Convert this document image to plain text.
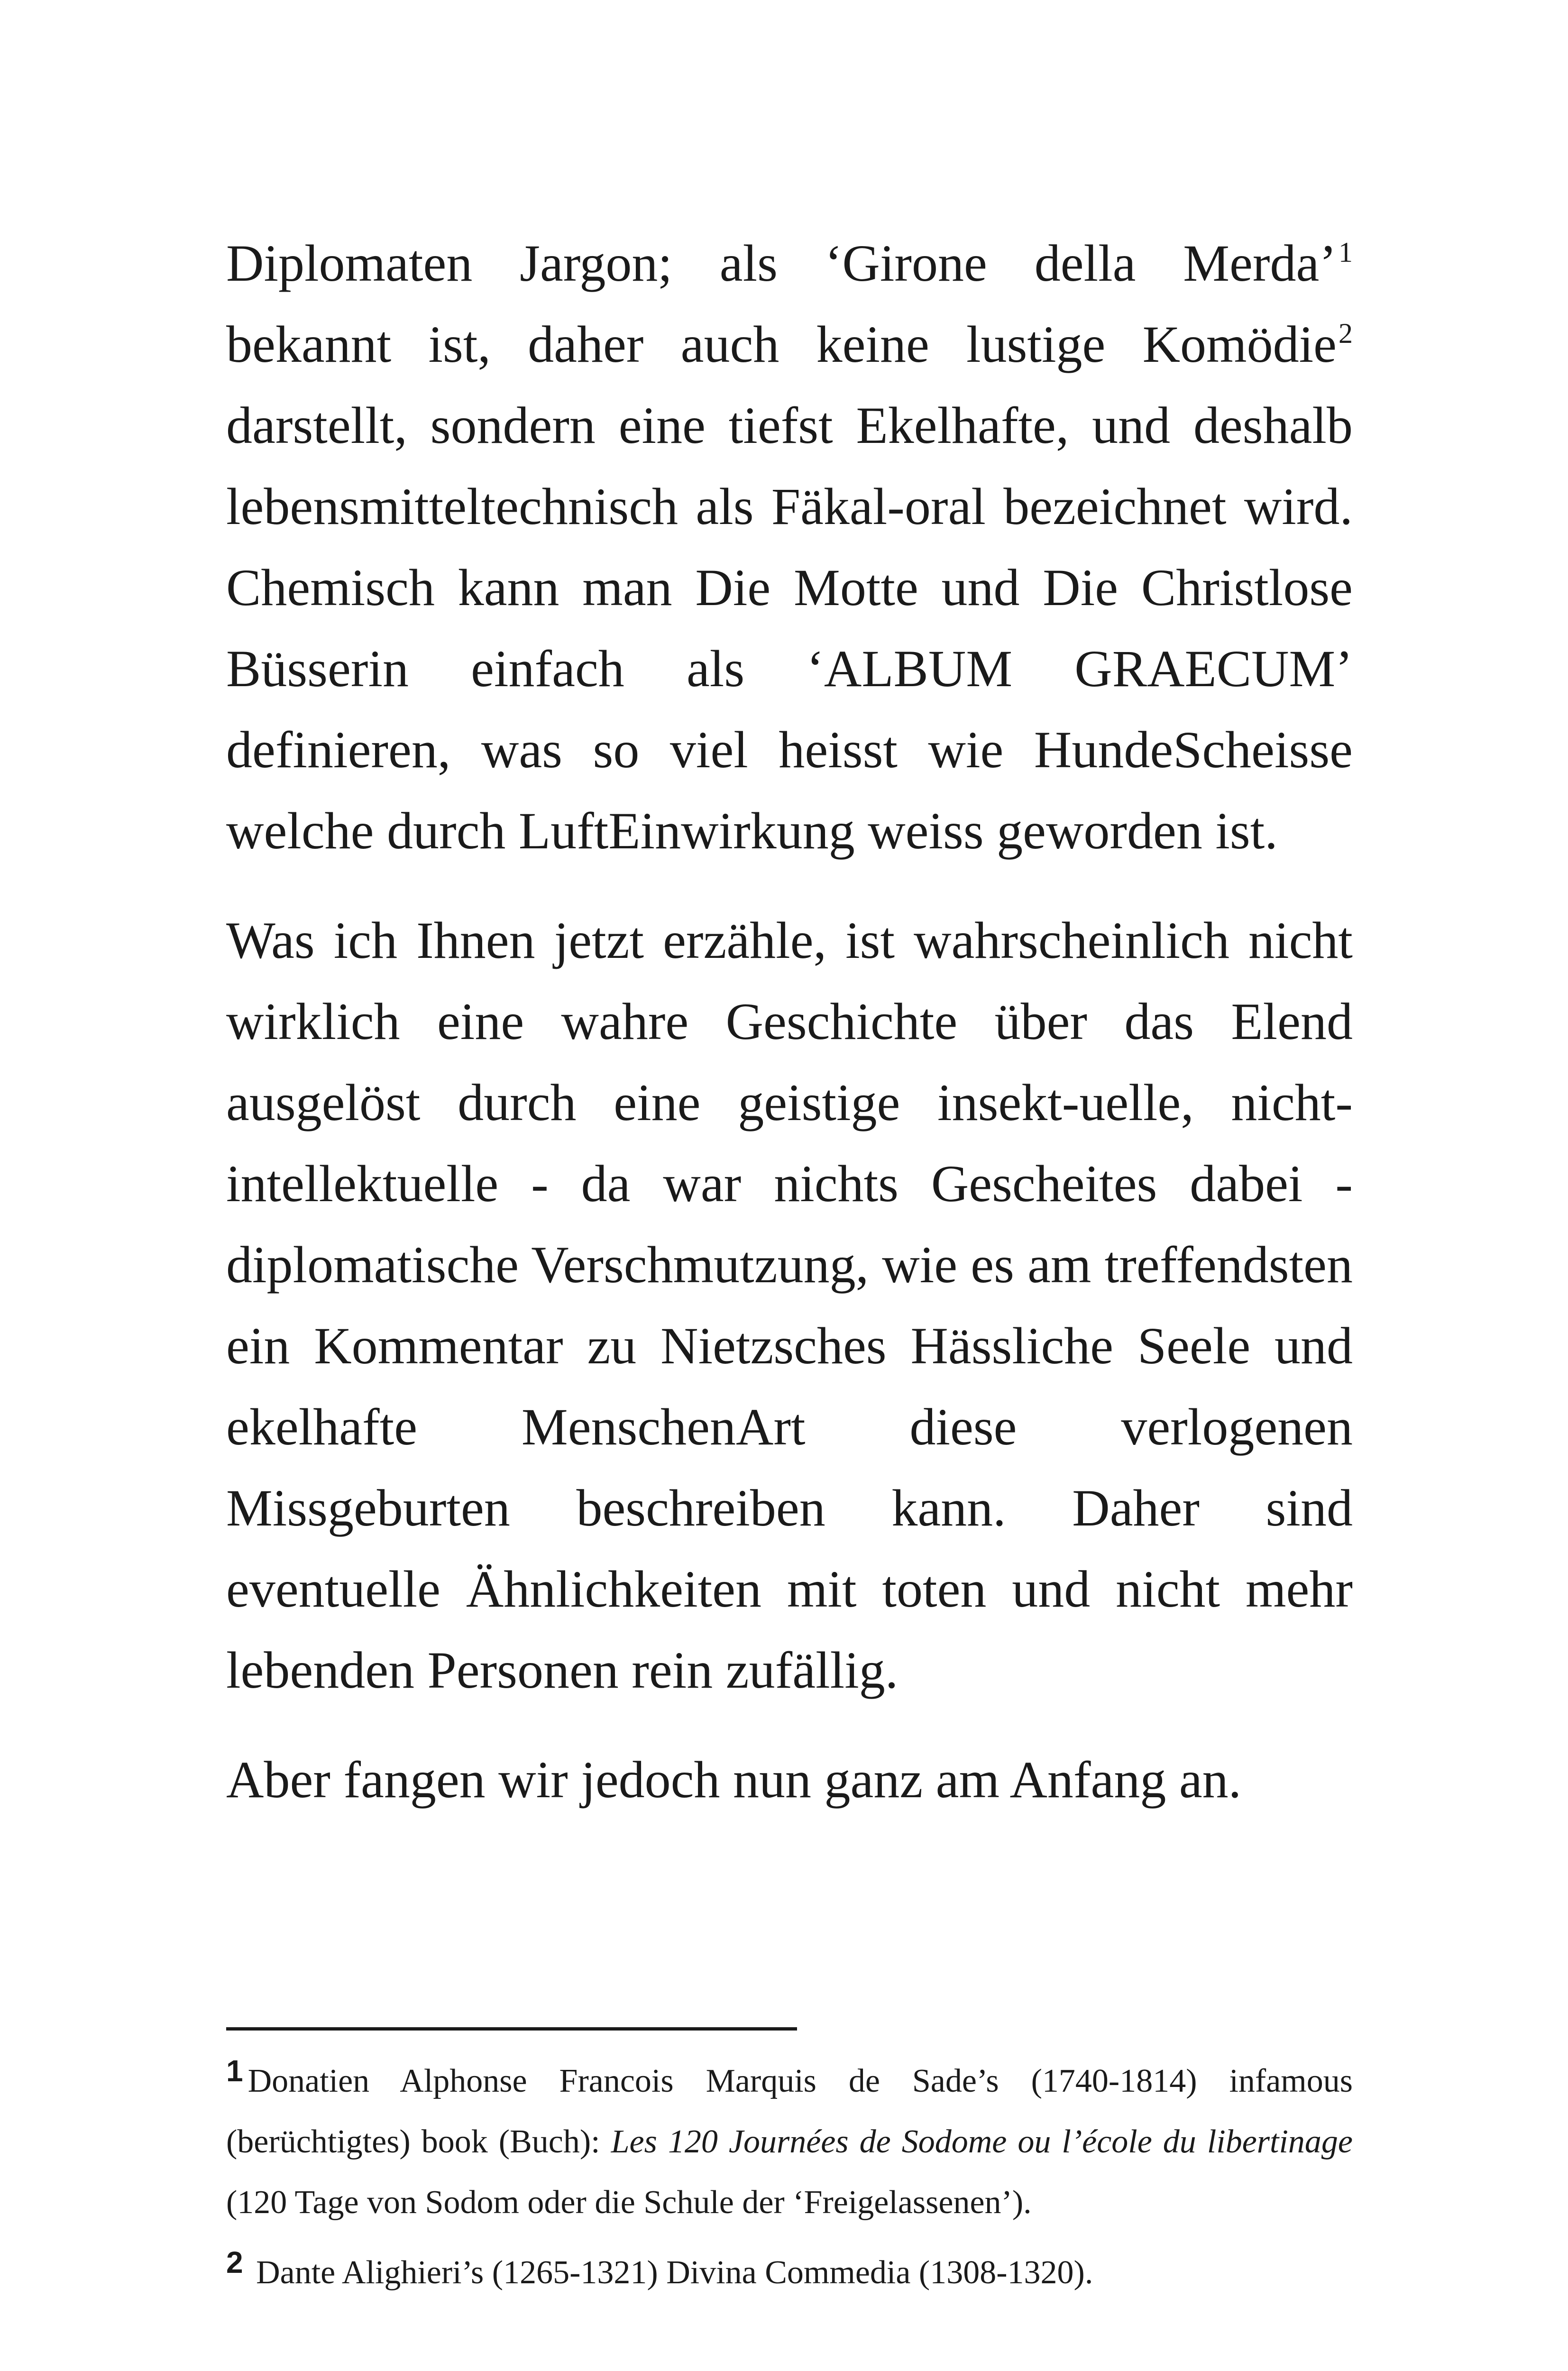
Diplomaten Jargon; als ‘Girone della Merda’$^1$ bekannt ist, daher auch keine lustige Komödie$^2$ darstellt, sondern eine tiefst Ekelhafte, und deshalb lebensmitteltechnisch als Fäkal-oral bezeichnet wird. Chemisch kann man Die Motte und Die Christlose Büsserin einfach als ‘ALBUM GRAECUM’ definieren, was so viel heisst wie HundeScheisse welche durch LuftEinwirkung weiss geworden ist.

Was ich Ihnen jetzt erzähle, ist wahrscheinlich nicht wirklich eine wahre Geschichte über das Elend ausgelöst durch eine geistige insekt-uelle, nicht-intellektuelle - da war nichts Gescheites dabei - diplomatische Verschmutzung, wie es am treffendsten ein Kommentar zu Nietzsches Hässliche Seele und ekelhafte MenschenArt diese verlogenen Missgeburten beschreiben kann. Daher sind eventuelle Ähnlichkeiten mit toten und nicht mehr lebenden Personen rein zufällig.

Aber fangen wir jedoch nun ganz am Anfang an.

1 Donatien Alphonse Francois Marquis de Sade’s (1740-1814) infamous (berüchtigtes) book (Buch): Les 120 Journées de Sodome ou l’école du libertinage (120 Tage von Sodom oder die Schule der ‘Freigelassenen’).

2 Dante Alighieri’s (1265-1321) Divina Commedia (1308-1320).
